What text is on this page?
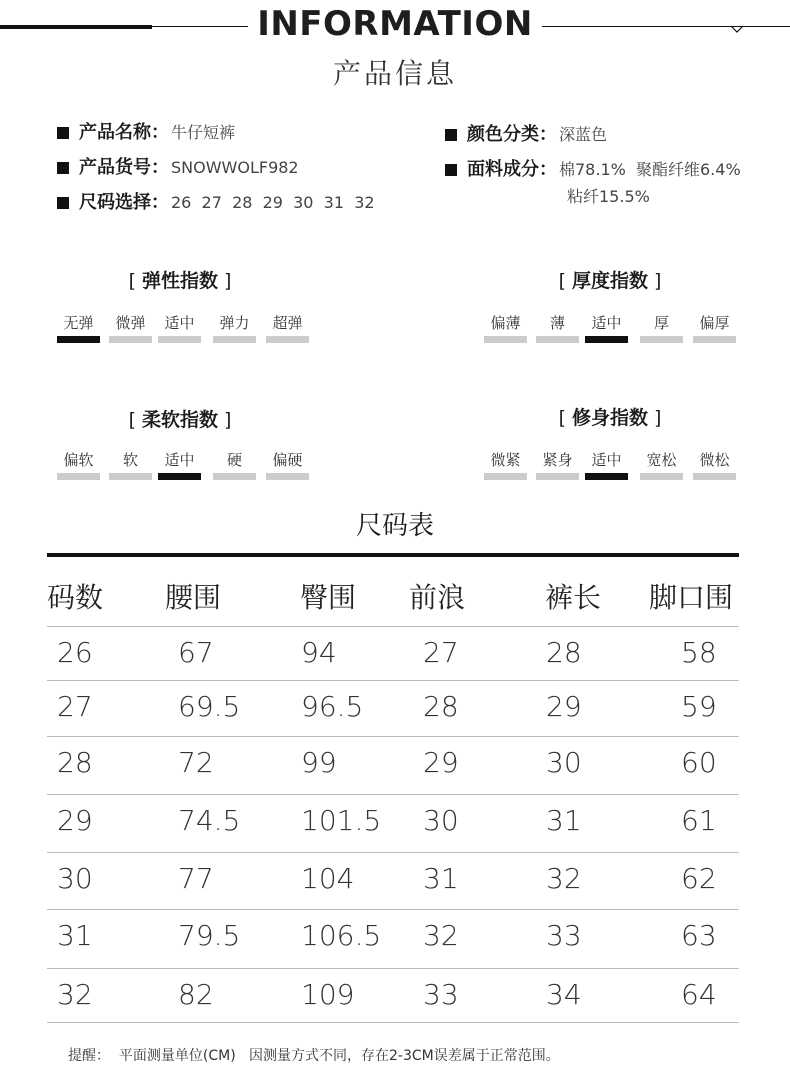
INFORMATION
产品信息
产品名称： 牛仔短裤
产品货号： SNOWWOLF982
尺码选择： 26  27  28  29  30  31  32
颜色分类： 深蓝色
面料成分： 棉78.1%  聚酯纤维6.4%
粘纤15.5%
[ 弹性指数 ]
无弹	微弹	适中	弹力	超弹
[ 厚度指数 ]
偏薄	薄	适中	厚	偏厚
[ 柔软指数 ]
偏软	软	适中	硬	偏硬
[ 修身指数 ]
微紧	紧身	适中	宽松	微松
尺码表
码数 腰围	臀围 前浪	裤长 脚口围
26	67	94	27	28	58
27	69.5 96.5 28	29	59
28	72	99	29	30	60
29	74.5 101.5 30	31	61
30	77	104 31	32	62
31	79.5 106.5 32	33	63
32	82	109 33	34	64
提醒：  平面测量单位(CM)   因测量方式不同，存在2-3CM误差属于正常范围。
